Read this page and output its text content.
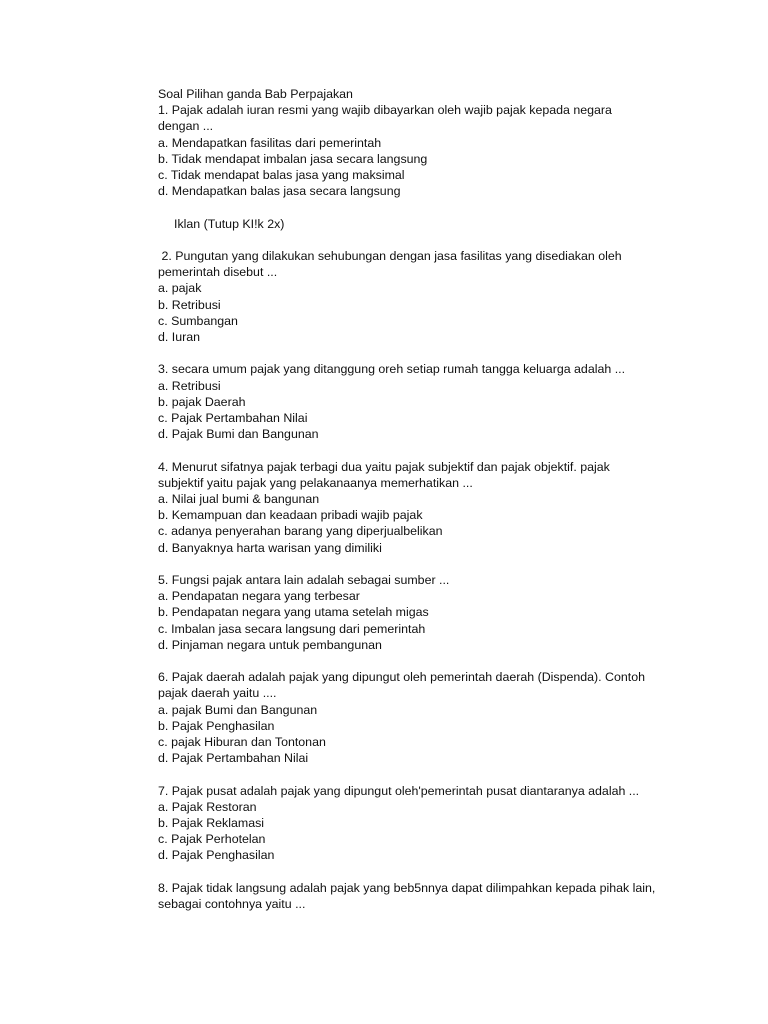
Soal Pilihan ganda Bab Perpajakan
1. Pajak adalah iuran resmi yang wajib dibayarkan oleh wajib pajak kepada negara
dengan ...
a. Mendapatkan fasilitas dari pemerintah
b. Tidak mendapat imbalan jasa secara langsung
c. Tidak mendapat balas jasa yang maksimal
d. Mendapatkan balas jasa secara langsung
Iklan (Tutup KI!k 2x)
2. Pungutan yang dilakukan sehubungan dengan jasa fasilitas yang disediakan oleh
pemerintah disebut ...
a. pajak
b. Retribusi
c. Sumbangan
d. Iuran
3. secara umum pajak yang ditanggung oreh setiap rumah tangga keluarga adalah ...
a. Retribusi
b. pajak Daerah
c. Pajak Pertambahan Nilai
d. Pajak Bumi dan Bangunan
4. Menurut sifatnya pajak terbagi dua yaitu pajak subjektif dan pajak objektif. pajak
subjektif yaitu pajak yang pelakanaanya memerhatikan ...
a. Nilai jual bumi & bangunan
b. Kemampuan dan keadaan pribadi wajib pajak
c. adanya penyerahan barang yang diperjualbelikan
d. Banyaknya harta warisan yang dimiliki
5. Fungsi pajak antara lain adalah sebagai sumber ...
a. Pendapatan negara yang terbesar
b. Pendapatan negara yang utama setelah migas
c. Imbalan jasa secara langsung dari pemerintah
d. Pinjaman negara untuk pembangunan
6. Pajak daerah adalah pajak yang dipungut oleh pemerintah daerah (Dispenda). Contoh
pajak daerah yaitu ....
a. pajak Bumi dan Bangunan
b. Pajak Penghasilan
c. pajak Hiburan dan Tontonan
d. Pajak Pertambahan Nilai
7. Pajak pusat adalah pajak yang dipungut oleh'pemerintah pusat diantaranya adalah ...
a. Pajak Restoran
b. Pajak Reklamasi
c. Pajak Perhotelan
d. Pajak Penghasilan
8. Pajak tidak langsung adalah pajak yang beb5nnya dapat dilimpahkan kepada pihak lain,
sebagai contohnya yaitu ...
